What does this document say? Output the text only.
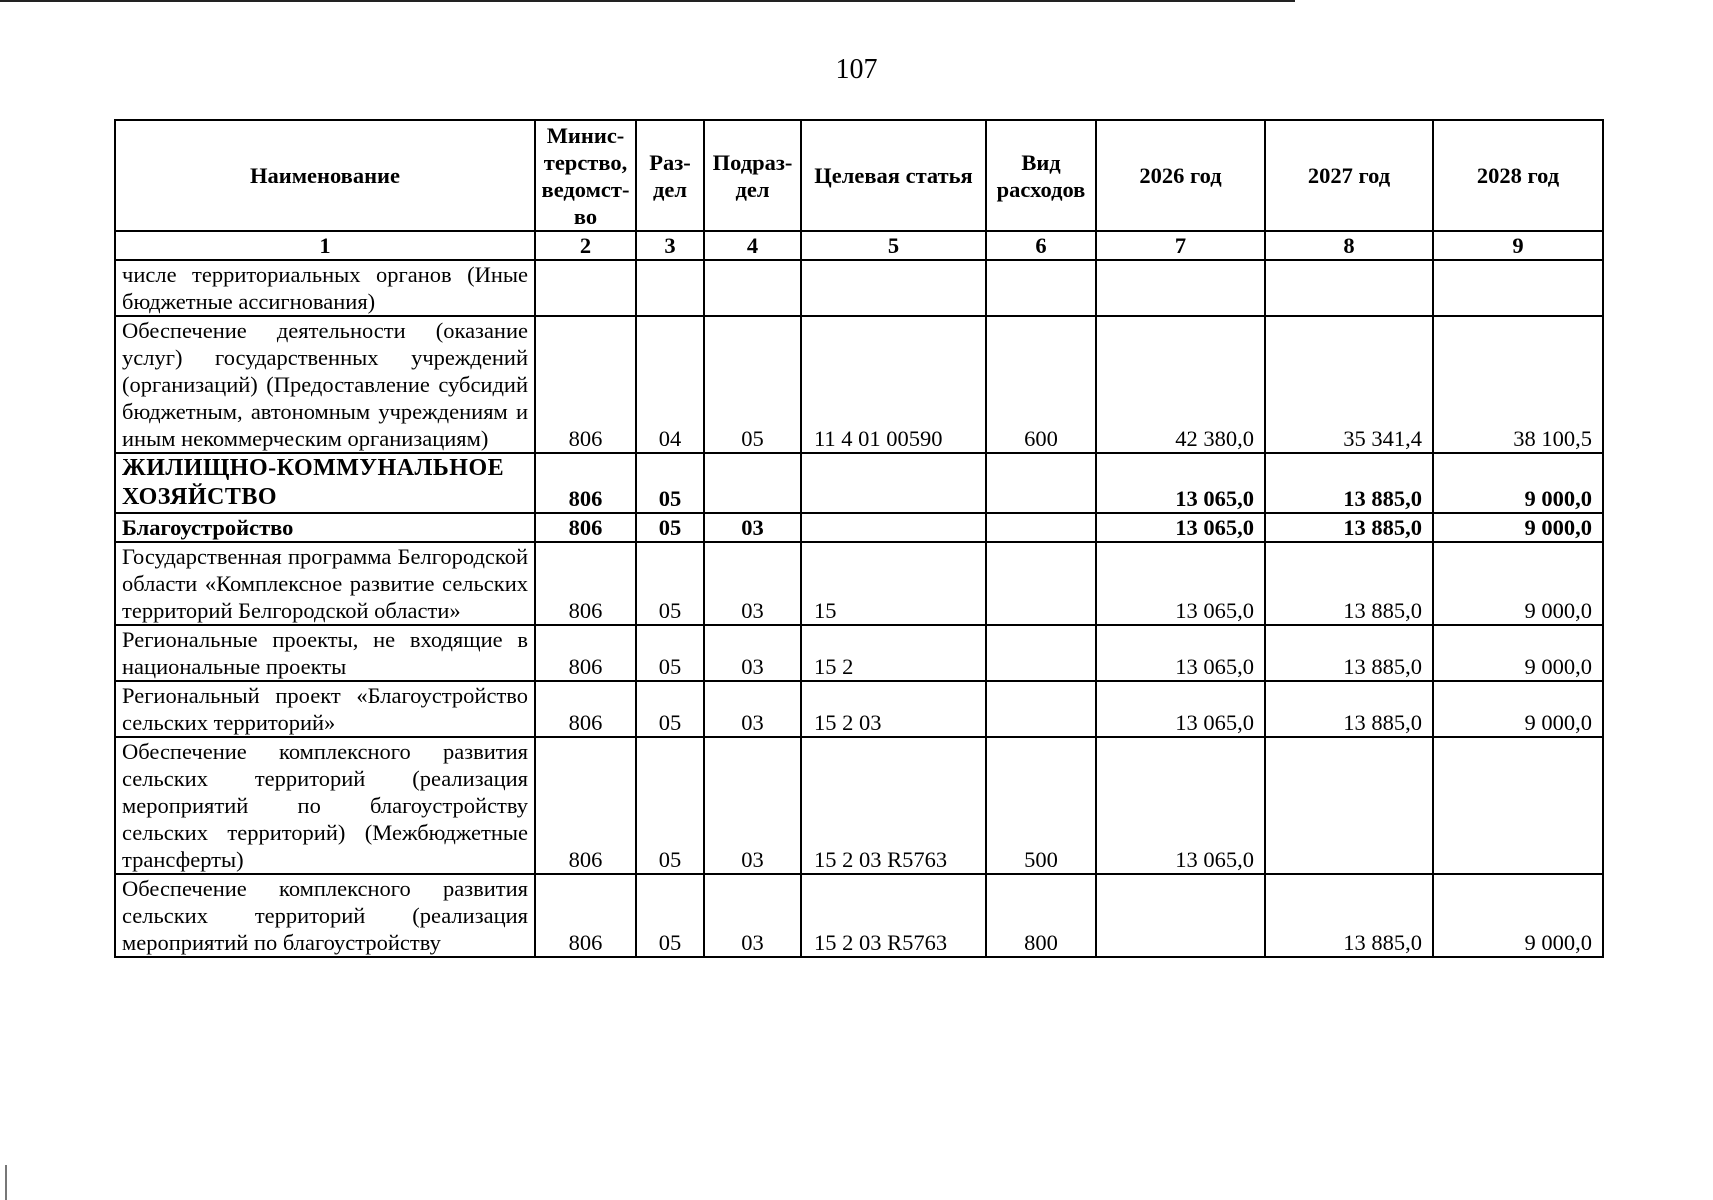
107
Наименование	Минис-терство, ведомст-во	Раз-дел	Подраз-дел	Целевая статья	Вид расходов	2026 год	2027 год	2028 год
1	2	3	4	5	6	7	8	9
числе территориальных органов (Иные бюджетные ассигнования)								
Обеспечение деятельности (оказание услуг) государственных учреждений (организаций) (Предоставление субсидий бюджетным, автономным учреждениям и иным некоммерческим организациям)	806	04	05	11 4 01 00590	600	42 380,0	35 341,4	38 100,5
ЖИЛИЩНО-КОММУНАЛЬНОЕ ХОЗЯЙСТВО	806	05				13 065,0	13 885,0	9 000,0
Благоустройство	806	05	03			13 065,0	13 885,0	9 000,0
Государственная программа Белгородской области «Комплексное развитие сельских территорий Белгородской области»	806	05	03	15		13 065,0	13 885,0	9 000,0
Региональные проекты, не входящие в национальные проекты	806	05	03	15 2		13 065,0	13 885,0	9 000,0
Региональный проект «Благоустройство сельских территорий»	806	05	03	15 2 03		13 065,0	13 885,0	9 000,0
Обеспечение комплексного развития сельских территорий (реализация мероприятий по благоустройству сельских территорий) (Межбюджетные трансферты)	806	05	03	15 2 03 R5763	500	13 065,0		
Обеспечение комплексного развития сельских территорий (реализация мероприятий по благоустройству	806	05	03	15 2 03 R5763	800		13 885,0	9 000,0
